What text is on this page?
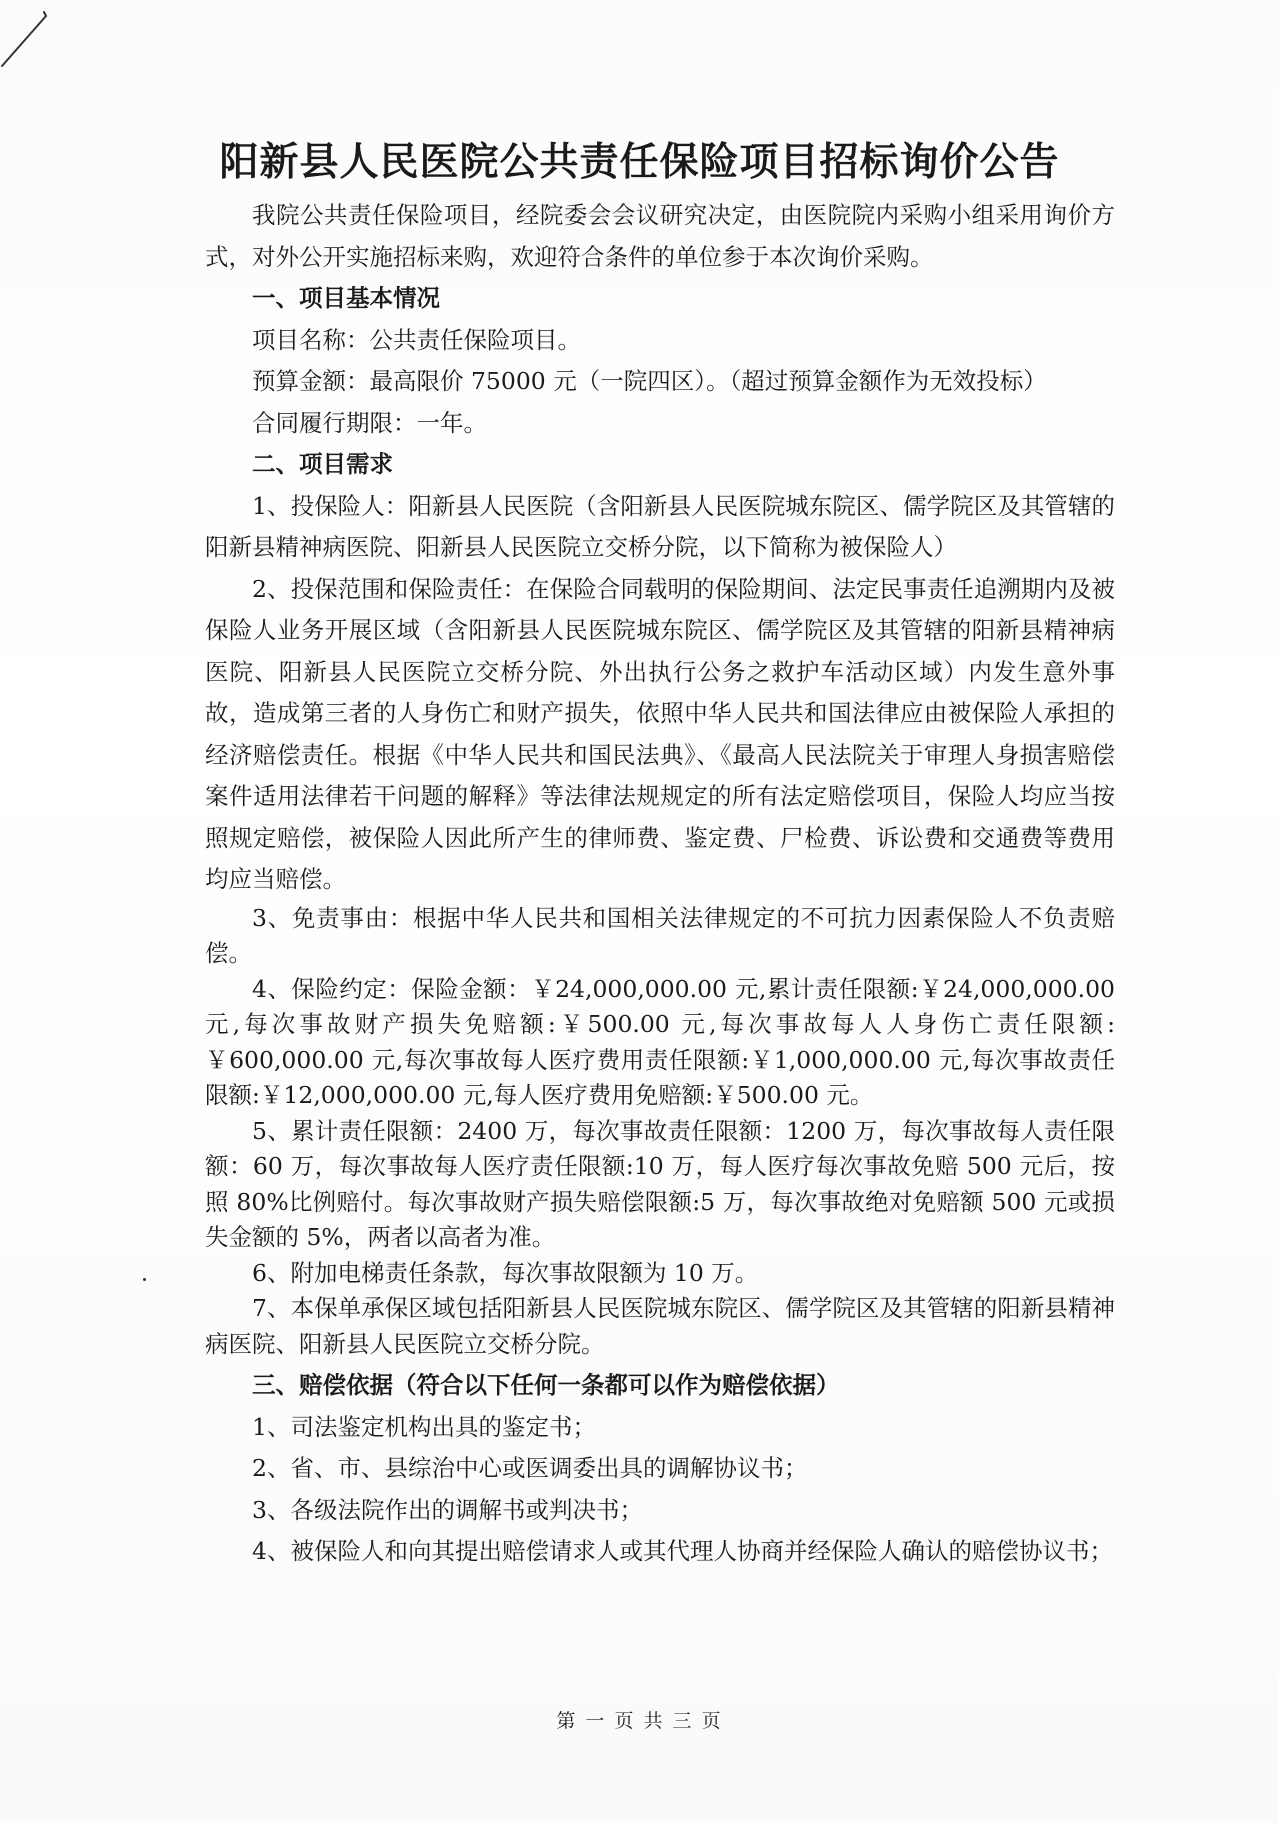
阳新县人民医院公共责任保险项目招标询价公告

我院公共责任保险项目，经院委会会议研究决定，由医院院内采购小组采用询价方式，对外公开实施招标来购，欢迎符合条件的单位参于本次询价采购。

一、项目基本情况

项目名称：公共责任保险项目。

预算金额：最高限价 75000 元（一院四区）。（超过预算金额作为无效投标）

合同履行期限：一年。

二、项目需求

1、投保险人：阳新县人民医院（含阳新县人民医院城东院区、儒学院区及其管辖的阳新县精神病医院、阳新县人民医院立交桥分院，以下简称为被保险人）

2、投保范围和保险责任：在保险合同载明的保险期间、法定民事责任追溯期内及被保险人业务开展区域（含阳新县人民医院城东院区、儒学院区及其管辖的阳新县精神病医院、阳新县人民医院立交桥分院、外出执行公务之救护车活动区域）内发生意外事故，造成第三者的人身伤亡和财产损失，依照中华人民共和国法律应由被保险人承担的经济赔偿责任。根据《中华人民共和国民法典》、《最高人民法院关于审理人身损害赔偿案件适用法律若干问题的解释》等法律法规规定的所有法定赔偿项目，保险人均应当按照规定赔偿，被保险人因此所产生的律师费、鉴定费、尸检费、诉讼费和交通费等费用均应当赔偿。

3、免责事由：根据中华人民共和国相关法律规定的不可抗力因素保险人不负责赔偿。

4、保险约定：保险金额：￥24,000,000.00 元,累计责任限额:￥24,000,000.00 元,每次事故财产损失免赔额:￥500.00 元,每次事故每人人身伤亡责任限额:￥600,000.00 元,每次事故每人医疗费用责任限额:￥1,000,000.00 元,每次事故责任限额:￥12,000,000.00 元,每人医疗费用免赔额:￥500.00 元。

5、累计责任限额：2400 万，每次事故责任限额：1200 万，每次事故每人责任限额：60 万，每次事故每人医疗责任限额:10 万，每人医疗每次事故免赔 500 元后，按照 80%比例赔付。每次事故财产损失赔偿限额:5 万，每次事故绝对免赔额 500 元或损失金额的 5%，两者以高者为准。

6、附加电梯责任条款，每次事故限额为 10 万。

7、本保单承保区域包括阳新县人民医院城东院区、儒学院区及其管辖的阳新县精神病医院、阳新县人民医院立交桥分院。

三、赔偿依据（符合以下任何一条都可以作为赔偿依据）

1、司法鉴定机构出具的鉴定书；

2、省、市、县综治中心或医调委出具的调解协议书；

3、各级法院作出的调解书或判决书；

4、被保险人和向其提出赔偿请求人或其代理人协商并经保险人确认的赔偿协议书；

第 一 页 共 三 页
